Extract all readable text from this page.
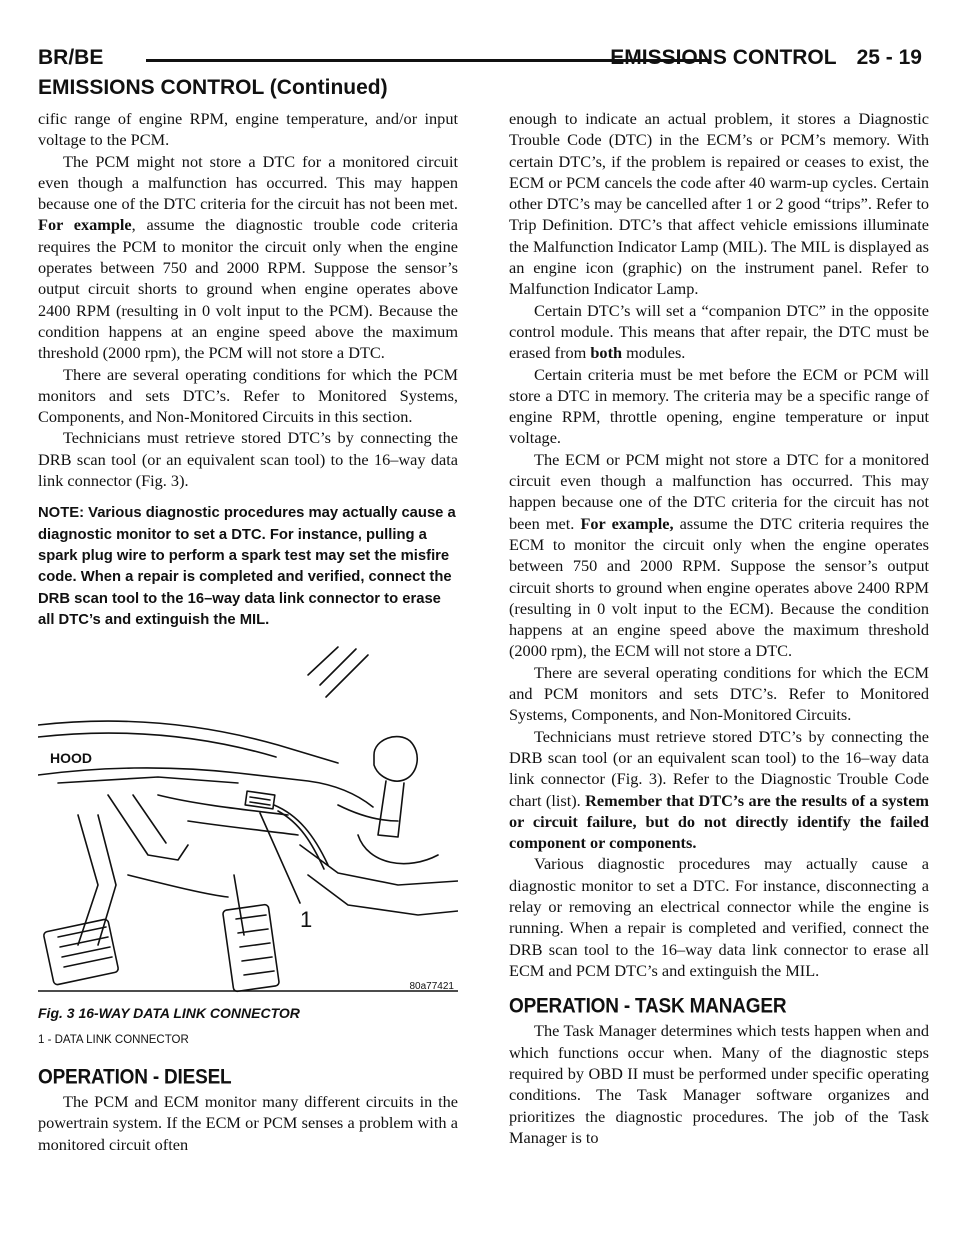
BR/BE	EMISSIONS CONTROL 25 - 19
EMISSIONS CONTROL (Continued)

cific range of engine RPM, engine temperature, and/or input voltage to the PCM.

The PCM might not store a DTC for a monitored circuit even though a malfunction has occurred. This may happen because one of the DTC criteria for the circuit has not been met. For example, assume the diagnostic trouble code criteria requires the PCM to monitor the circuit only when the engine operates between 750 and 2000 RPM. Suppose the sensor’s output circuit shorts to ground when engine operates above 2400 RPM (resulting in 0 volt input to the PCM). Because the condition happens at an engine speed above the maximum threshold (2000 rpm), the PCM will not store a DTC.

There are several operating conditions for which the PCM monitors and sets DTC’s. Refer to Monitored Systems, Components, and Non-Monitored Circuits in this section.

Technicians must retrieve stored DTC’s by connecting the DRB scan tool (or an equivalent scan tool) to the 16–way data link connector (Fig. 3).

NOTE: Various diagnostic procedures may actually cause a diagnostic monitor to set a DTC. For instance, pulling a spark plug wire to perform a spark test may set the misfire code. When a repair is completed and verified, connect the DRB scan tool to the 16–way data link connector to erase all DTC’s and extinguish the MIL.

HOOD
1
80a77421
Fig. 3 16-WAY DATA LINK CONNECTOR
1 - DATA LINK CONNECTOR
OPERATION - DIESEL

The PCM and ECM monitor many different circuits in the powertrain system. If the ECM or PCM senses a problem with a monitored circuit often

enough to indicate an actual problem, it stores a Diagnostic Trouble Code (DTC) in the ECM’s or PCM’s memory. With certain DTC’s, if the problem is repaired or ceases to exist, the ECM or PCM cancels the code after 40 warm-up cycles. Certain other DTC’s may be cancelled after 1 or 2 good “trips”. Refer to Trip Definition. DTC’s that affect vehicle emissions illuminate the Malfunction Indicator Lamp (MIL). The MIL is displayed as an engine icon (graphic) on the instrument panel. Refer to Malfunction Indicator Lamp.

Certain DTC’s will set a “companion DTC” in the opposite control module. This means that after repair, the DTC must be erased from both modules.

Certain criteria must be met before the ECM or PCM will store a DTC in memory. The criteria may be a specific range of engine RPM, throttle opening, engine temperature or input voltage.

The ECM or PCM might not store a DTC for a monitored circuit even though a malfunction has occurred. This may happen because one of the DTC criteria for the circuit has not been met. For example, assume the DTC criteria requires the ECM to monitor the circuit only when the engine operates between 750 and 2000 RPM. Suppose the sensor’s output circuit shorts to ground when engine operates above 2400 RPM (resulting in 0 volt input to the ECM). Because the condition happens at an engine speed above the maximum threshold (2000 rpm), the ECM will not store a DTC.

There are several operating conditions for which the ECM and PCM monitors and sets DTC’s. Refer to Monitored Systems, Components, and Non-Monitored Circuits.

Technicians must retrieve stored DTC’s by connecting the DRB scan tool (or an equivalent scan tool) to the 16–way data link connector (Fig. 3). Refer to the Diagnostic Trouble Code chart (list). Remember that DTC’s are the results of a system or circuit failure, but do not directly identify the failed component or components.

Various diagnostic procedures may actually cause a diagnostic monitor to set a DTC. For instance, disconnecting a relay or removing an electrical connector while the engine is running. When a repair is completed and verified, connect the DRB scan tool to the 16–way data link connector to erase all ECM and PCM DTC’s and extinguish the MIL.

OPERATION - TASK MANAGER

The Task Manager determines which tests happen when and which functions occur when. Many of the diagnostic steps required by OBD II must be performed under specific operating conditions. The Task Manager software organizes and prioritizes the diagnostic procedures. The job of the Task Manager is to
